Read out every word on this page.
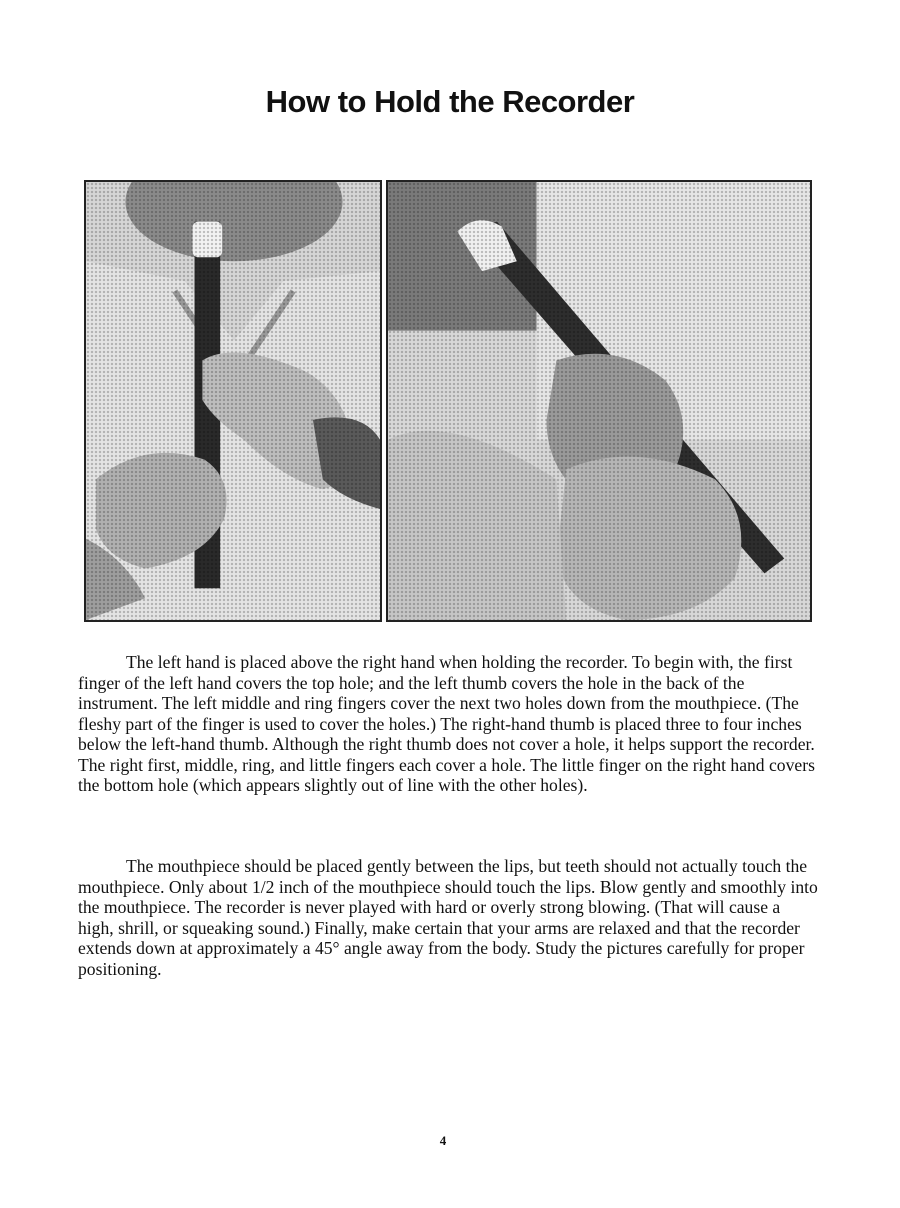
How to Hold the Recorder

The left hand is placed above the right hand when holding the recorder. To begin with, the first finger of the left hand covers the top hole; and the left thumb covers the hole in the back of the instrument. The left middle and ring fingers cover the next two holes down from the mouthpiece. (The fleshy part of the finger is used to cover the holes.) The right-hand thumb is placed three to four inches below the left-hand thumb. Although the right thumb does not cover a hole, it helps support the recorder. The right first, middle, ring, and little fingers each cover a hole. The little finger on the right hand covers the bottom hole (which appears slightly out of line with the other holes).

The mouthpiece should be placed gently between the lips, but teeth should not actually touch the mouthpiece. Only about 1/2 inch of the mouthpiece should touch the lips. Blow gently and smoothly into the mouthpiece. The recorder is never played with hard or overly strong blowing. (That will cause a high, shrill, or squeaking sound.) Finally, make certain that your arms are relaxed and that the recorder extends down at approximately a 45° angle away from the body. Study the pictures carefully for proper positioning.

4
